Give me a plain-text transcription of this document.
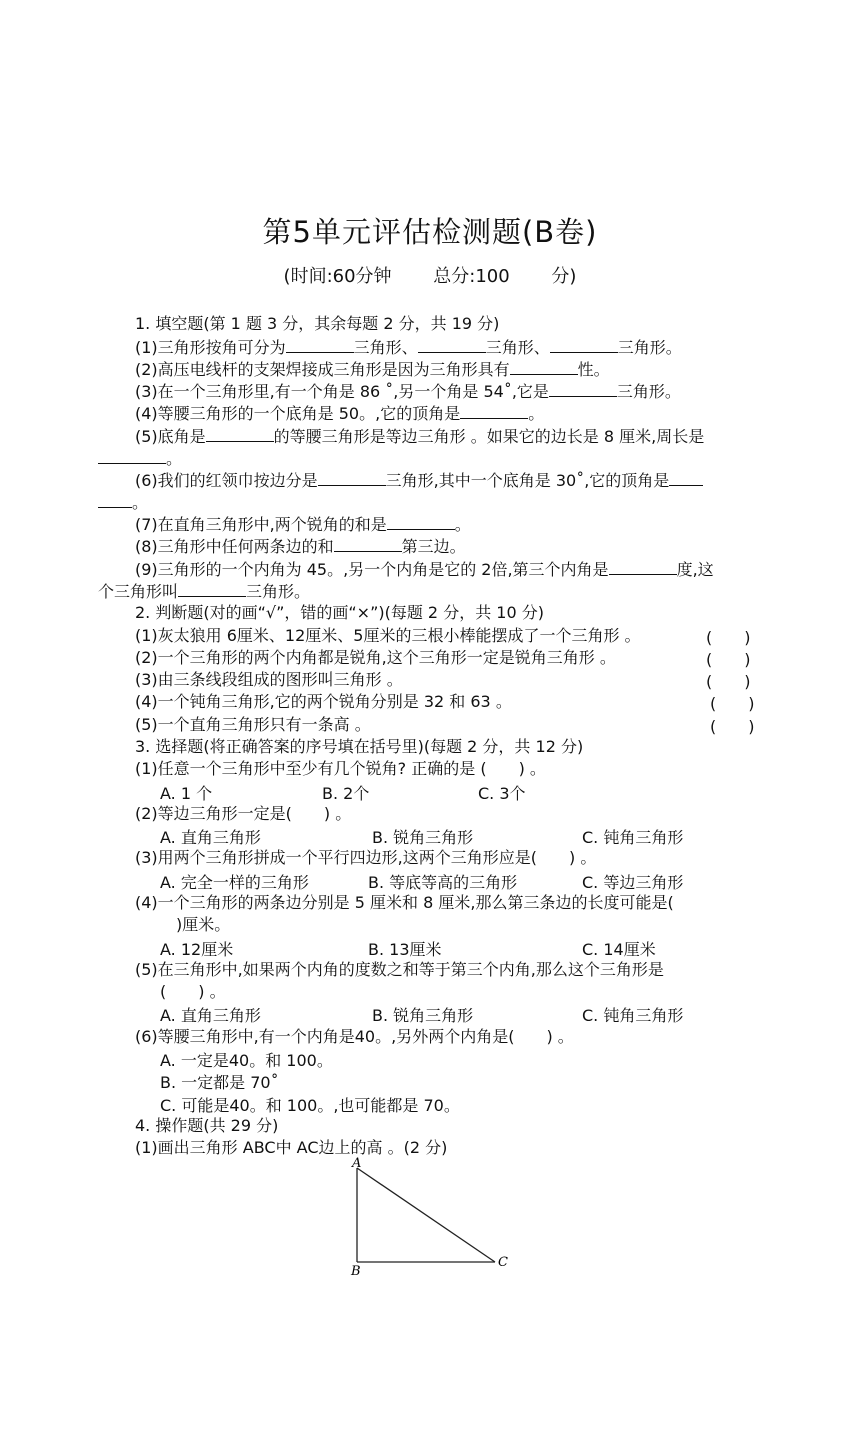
第5单元评估检测题(B卷)
(时间:60分钟 总分:100 分)
1. 填空题(第 1 题 3 分，其余每题 2 分，共 19 分)
(1)三角形按角可分为	三角形、	三角形、	三角形。
(2)高压电线杆的支架焊接成三角形是因为三角形具有	性。
(3)在一个三角形里,有一个角是 86 ˚,另一个角是 54˚,它是	三角形。
(4)等腰三角形的一个底角是 50。,它的顶角是	。
(5)底角是	的等腰三角形是等边三角形 。如果它的边长是 8 厘米,周长是
。
(6)我们的红领巾按边分是	三角形,其中一个底角是 30˚,它的顶角是
。
(7)在直角三角形中,两个锐角的和是	。
(8)三角形中任何两条边的和	第三边。
(9)三角形的一个内角为 45。,另一个内角是它的 2倍,第三个内角是	度,这
个三角形叫	三角形。
2. 判断题(对的画“√”，错的画“×”)(每题 2 分，共 10 分)
(1)灰太狼用 6厘米、12厘米、5厘米的三根小棒能摆成了一个三角形 。	(　　)
(2)一个三角形的两个内角都是锐角,这个三角形一定是锐角三角形 。	(　　)
(3)由三条线段组成的图形叫三角形 。	(　　)
(4)一个钝角三角形,它的两个锐角分别是 32 和 63 。	(　　)
(5)一个直角三角形只有一条高 。	(　　)
3. 选择题(将正确答案的序号填在括号里)(每题 2 分，共 12 分)
(1)任意一个三角形中至少有几个锐角? 正确的是 (　　) 。
A. 1 个	B. 2个	C. 3个
(2)等边三角形一定是(　　) 。
A. 直角三角形	B. 锐角三角形	C. 钝角三角形
(3)用两个三角形拼成一个平行四边形,这两个三角形应是(　　) 。
A. 完全一样的三角形	B. 等底等高的三角形	C. 等边三角形
(4)一个三角形的两条边分别是 5 厘米和 8 厘米,那么第三条边的长度可能是(
)厘米。
A. 12厘米	B. 13厘米	C. 14厘米
(5)在三角形中,如果两个内角的度数之和等于第三个内角,那么这个三角形是
(　　) 。
A. 直角三角形	B. 锐角三角形	C. 钝角三角形
(6)等腰三角形中,有一个内角是40。,另外两个内角是(　　) 。
A. 一定是40。和 100。
B. 一定都是 70˚
C. 可能是40。和 100。,也可能都是 70。
4. 操作题(共 29 分)
(1)画出三角形 ABC中 AC边上的高 。(2 分)
A
B
C
